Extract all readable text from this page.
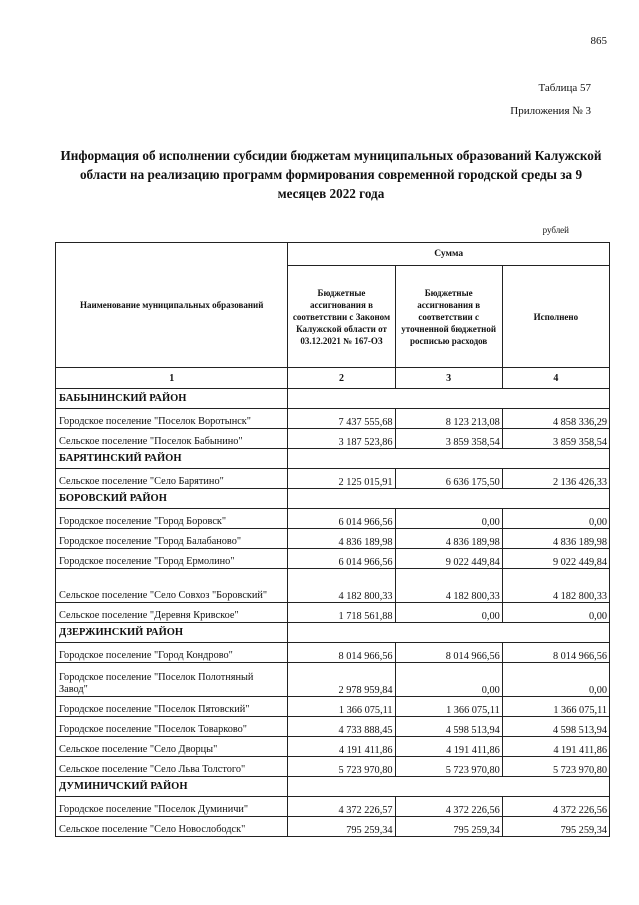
865
Таблица 57
Приложения № 3
Информация об исполнении субсидии бюджетам муниципальных образований Калужской области на реализацию программ формирования современной городской среды за 9 месяцев 2022 года
рублей
Наименование муниципальных образований	Сумма		
	Бюджетные ассигнования в соответствии с Законом Калужской области от 03.12.2021 № 167-ОЗ	Бюджетные ассигнования в соответствии с уточненной бюджетной росписью расходов	Исполнено
1	2	3	4
БАБЫНИНСКИЙ РАЙОН			
Городское поселение "Поселок Воротынск"	7 437 555,68	8 123 213,08	4 858 336,29
Сельское поселение "Поселок Бабынино"	3 187 523,86	3 859 358,54	3 859 358,54
БАРЯТИНСКИЙ РАЙОН			
Сельское поселение "Село Барятино"	2 125 015,91	6 636 175,50	2 136 426,33
БОРОВСКИЙ РАЙОН			
Городское поселение "Город Боровск"	6 014 966,56	0,00	0,00
Городское поселение "Город Балабаново"	4 836 189,98	4 836 189,98	4 836 189,98
Городское поселение "Город Ермолино"	6 014 966,56	9 022 449,84	9 022 449,84
Сельское поселение "Село Совхоз "Боровский"	4 182 800,33	4 182 800,33	4 182 800,33
Сельское поселение "Деревня Кривское"	1 718 561,88	0,00	0,00
ДЗЕРЖИНСКИЙ РАЙОН			
Городское поселение "Город Кондрово"	8 014 966,56	8 014 966,56	8 014 966,56
Городское поселение "Поселок Полотняный Завод"	2 978 959,84	0,00	0,00
Городское поселение "Поселок Пятовский"	1 366 075,11	1 366 075,11	1 366 075,11
Городское поселение "Поселок Товарково"	4 733 888,45	4 598 513,94	4 598 513,94
Сельское поселение "Село Дворцы"	4 191 411,86	4 191 411,86	4 191 411,86
Сельское поселение "Село Льва Толстого"	5 723 970,80	5 723 970,80	5 723 970,80
ДУМИНИЧСКИЙ РАЙОН			
Городское поселение "Поселок Думиничи"	4 372 226,57	4 372 226,56	4 372 226,56
Сельское поселение "Село Новослободск"	795 259,34	795 259,34	795 259,34
